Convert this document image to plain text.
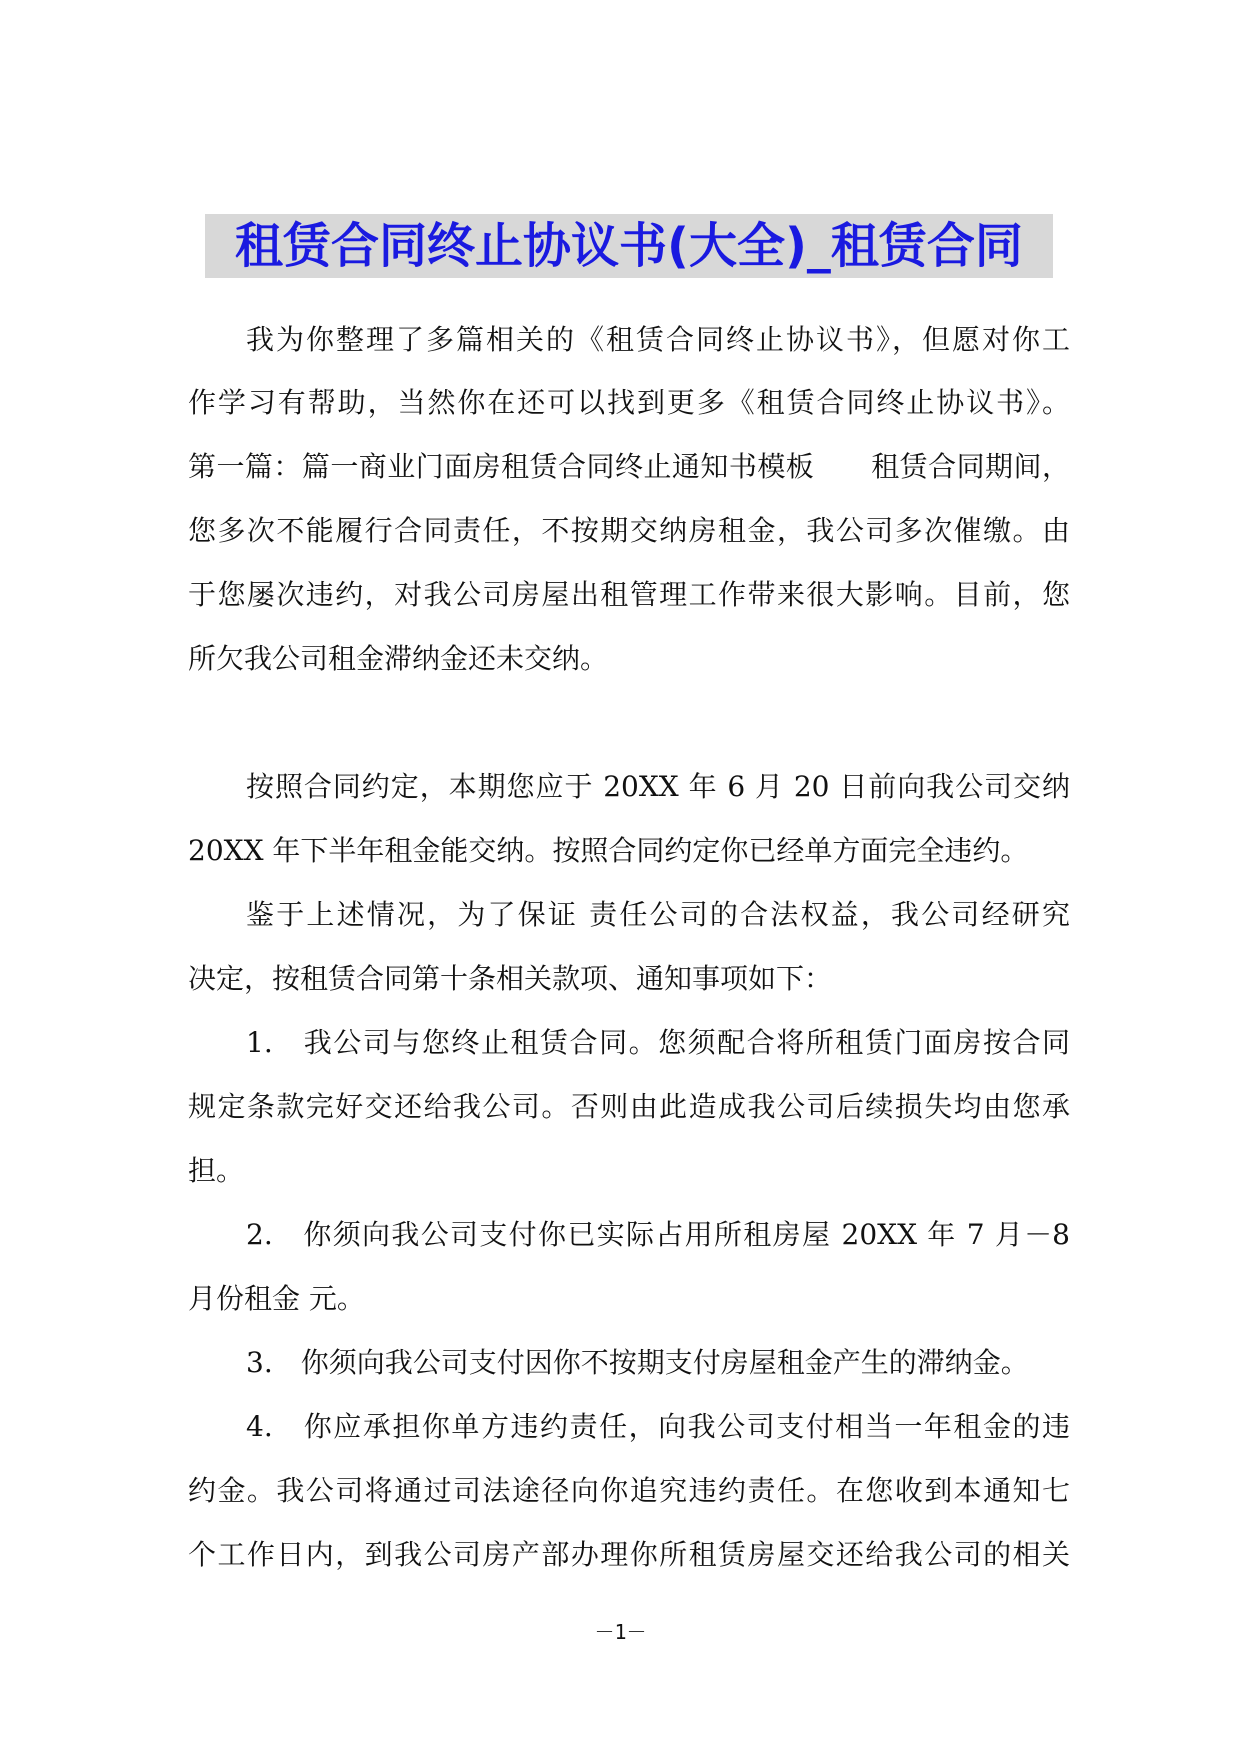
租赁合同终止协议书(大全)_租赁合同
我为你整理了多篇相关的《租赁合同终止协议书》，但愿对你工
作学习有帮助，当然你在还可以找到更多《租赁合同终止协议书》。
第一篇：篇一商业门面房租赁合同终止通知书模板　　租赁合同期间，
您多次不能履行合同责任，不按期交纳房租金，我公司多次催缴。由
于您屡次违约，对我公司房屋出租管理工作带来很大影响。目前，您
所欠我公司租金滞纳金还未交纳。
按照合同约定，本期您应于 20XX 年 6 月 20 日前向我公司交纳
20XX 年下半年租金能交纳。按照合同约定你已经单方面完全违约。
鉴于上述情况，为了保证 责任公司的合法权益，我公司经研究
决定，按租赁合同第十条相关款项、通知事项如下：
1.　我公司与您终止租赁合同。您须配合将所租赁门面房按合同
规定条款完好交还给我公司。否则由此造成我公司后续损失均由您承
担。
2.　你须向我公司支付你已实际占用所租房屋 20XX 年 7 月－8
月份租金 元。
3.　你须向我公司支付因你不按期支付房屋租金产生的滞纳金。
4.　你应承担你单方违约责任，向我公司支付相当一年租金的违
约金。我公司将通过司法途径向你追究违约责任。在您收到本通知七
个工作日内，到我公司房产部办理你所租赁房屋交还给我公司的相关
－1－
